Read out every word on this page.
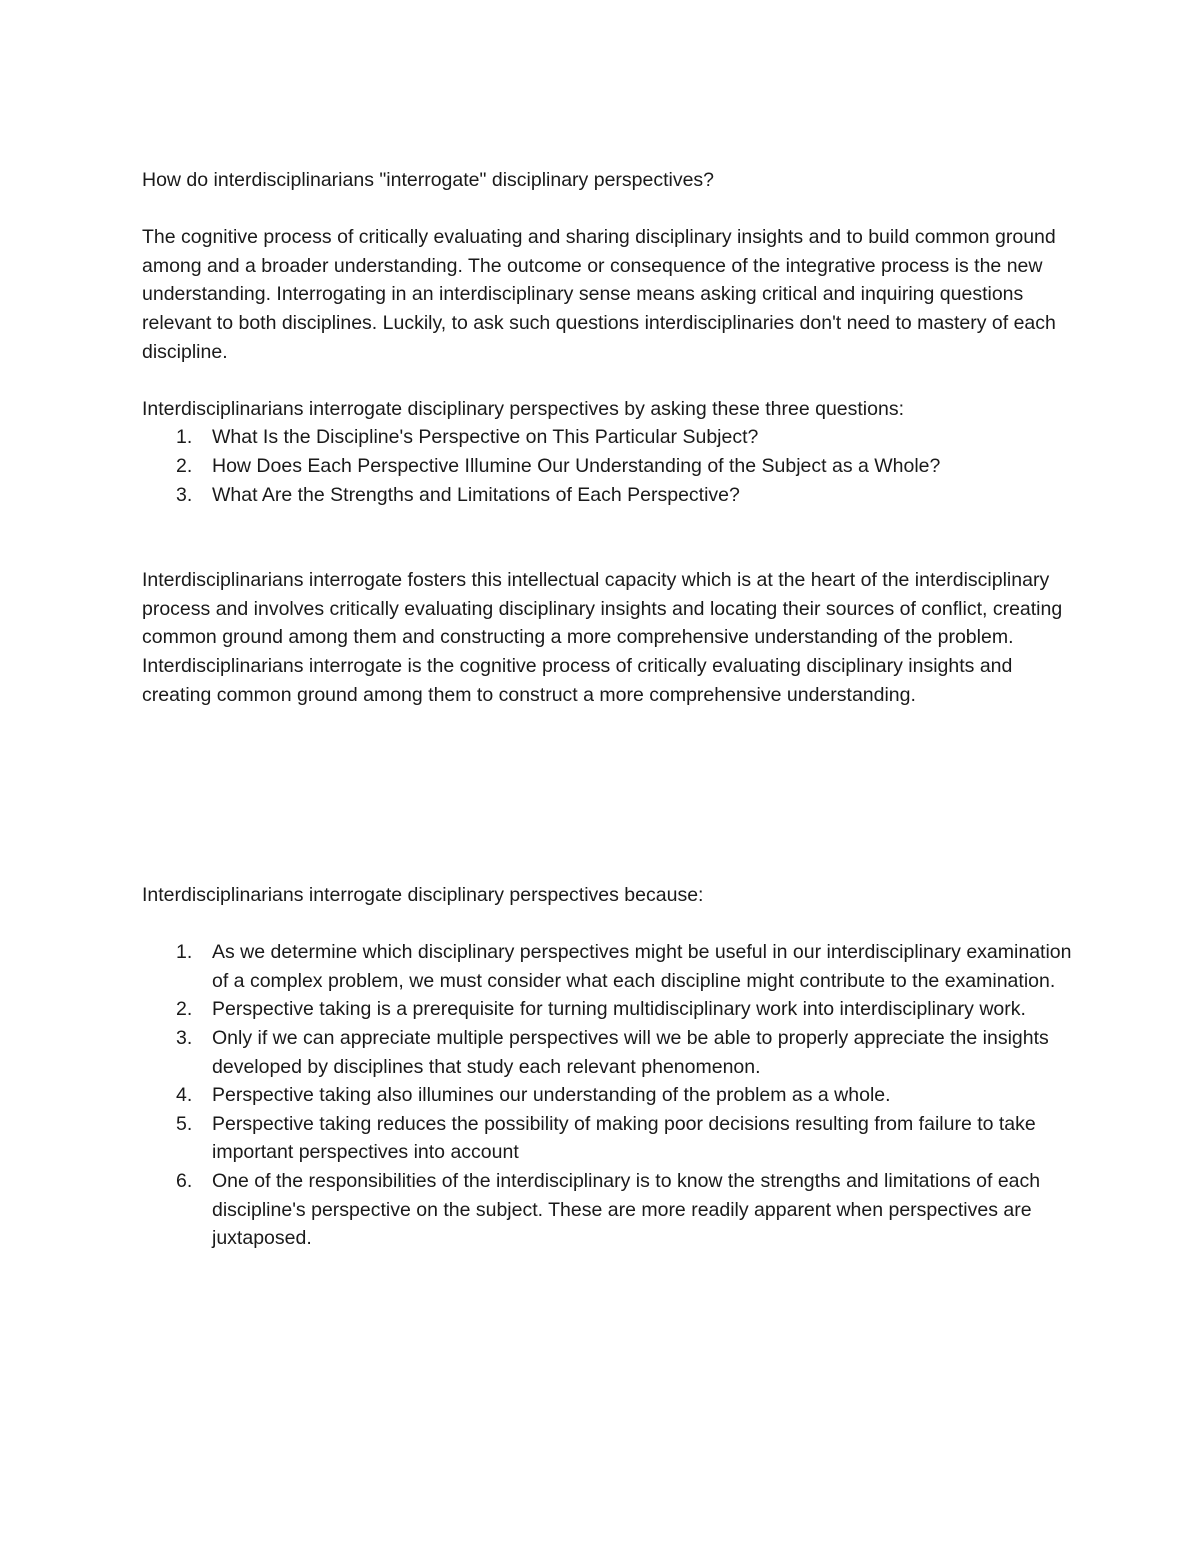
How do interdisciplinarians "interrogate" disciplinary perspectives?

The cognitive process of critically evaluating and sharing disciplinary insights and to build common ground among and a broader understanding. The outcome or consequence of the integrative process is the new understanding. Interrogating in an interdisciplinary sense means asking critical and inquiring questions relevant to both disciplines. Luckily, to ask such questions interdisciplinaries don't need to mastery of each discipline.

Interdisciplinarians interrogate disciplinary perspectives by asking these three questions:

1.	What Is the Discipline's Perspective on This Particular Subject?
2.	How Does Each Perspective Illumine Our Understanding of the Subject as a Whole?
3.	What Are the Strengths and Limitations of Each Perspective?

Interdisciplinarians interrogate fosters this intellectual capacity which is at the heart of the interdisciplinary process and involves critically evaluating disciplinary insights and locating their sources of conflict, creating common ground among them and constructing a more comprehensive understanding of the problem. Interdisciplinarians interrogate is the cognitive process of critically evaluating disciplinary insights and creating common ground among them to construct a more comprehensive understanding.

Interdisciplinarians interrogate disciplinary perspectives because:

1.	As we determine which disciplinary perspectives might be useful in our interdisciplinary examination of a complex problem, we must consider what each discipline might contribute to the examination.
2.	Perspective taking is a prerequisite for turning multidisciplinary work into interdisciplinary work.
3.	Only if we can appreciate multiple perspectives will we be able to properly appreciate the insights developed by disciplines that study each relevant phenomenon.
4.	Perspective taking also illumines our understanding of the problem as a whole.
5.	Perspective taking reduces the possibility of making poor decisions resulting from failure to take important perspectives into account
6.	One of the responsibilities of the interdisciplinary is to know the strengths and limitations of each discipline's perspective on the subject. These are more readily apparent when perspectives are juxtaposed.
